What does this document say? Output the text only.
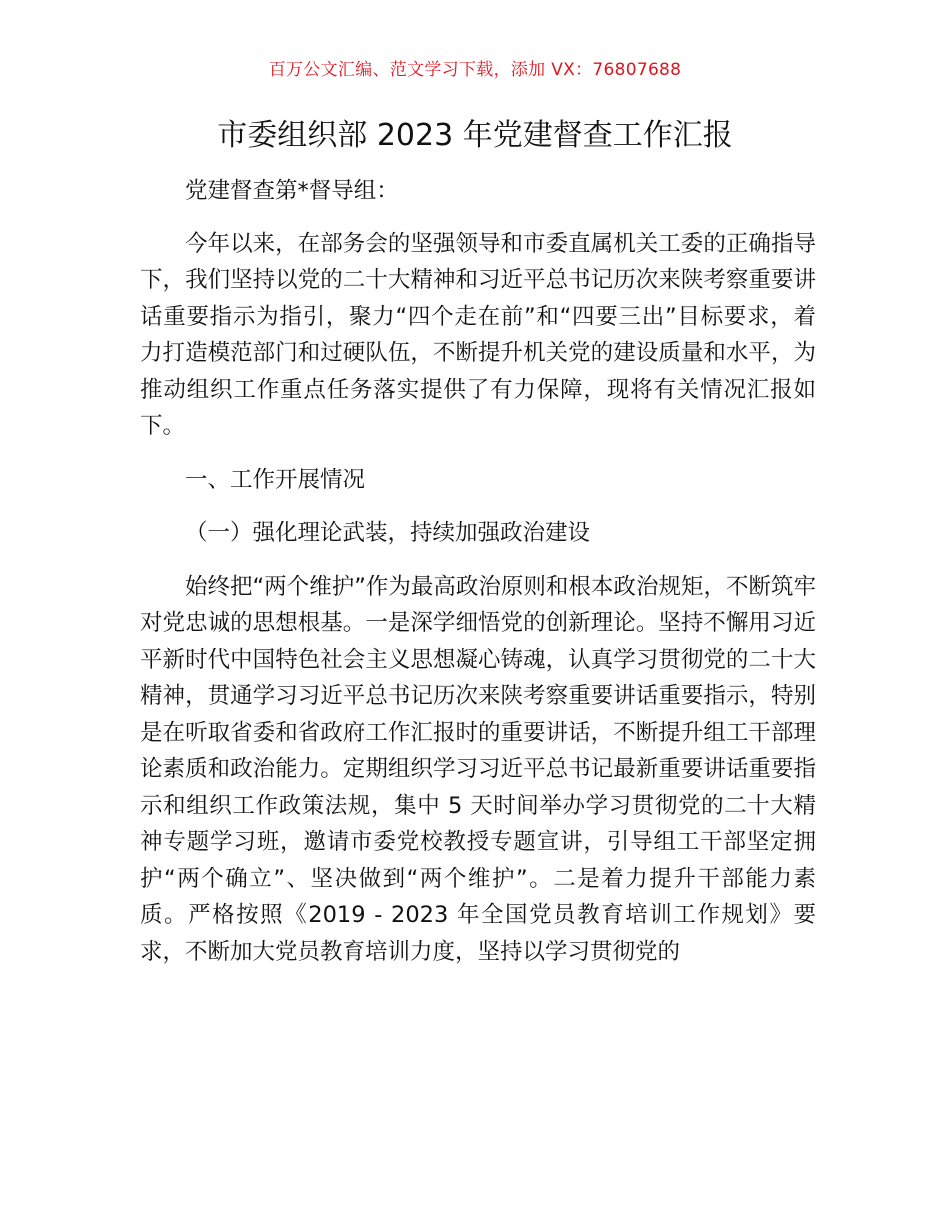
百万公文汇编、范文学习下载，添加 VX：76807688
市委组织部 2023 年党建督查工作汇报

党建督查第*督导组：

今年以来，在部务会的坚强领导和市委直属机关工委的正确指导下，我们坚持以党的二十大精神和习近平总书记历次来陕考察重要讲话重要指示为指引，聚力“四个走在前”和“四要三出”目标要求，着力打造模范部门和过硬队伍，不断提升机关党的建设质量和水平，为推动组织工作重点任务落实提供了有力保障，现将有关情况汇报如下。

一、工作开展情况

（一）强化理论武装，持续加强政治建设

始终把“两个维护”作为最高政治原则和根本政治规矩，不断筑牢对党忠诚的思想根基。一是深学细悟党的创新理论。坚持不懈用习近平新时代中国特色社会主义思想凝心铸魂，认真学习贯彻党的二十大精神，贯通学习习近平总书记历次来陕考察重要讲话重要指示，特别是在听取省委和省政府工作汇报时的重要讲话，不断提升组工干部理论素质和政治能力。定期组织学习习近平总书记最新重要讲话重要指示和组织工作政策法规，集中 5 天时间举办学习贯彻党的二十大精神专题学习班，邀请市委党校教授专题宣讲，引导组工干部坚定拥护“两个确立”、坚决做到“两个维护”。二是着力提升干部能力素质。严格按照《2019 - 2023 年全国党员教育培训工作规划》要求，不断加大党员教育培训力度，坚持以学习贯彻党的
